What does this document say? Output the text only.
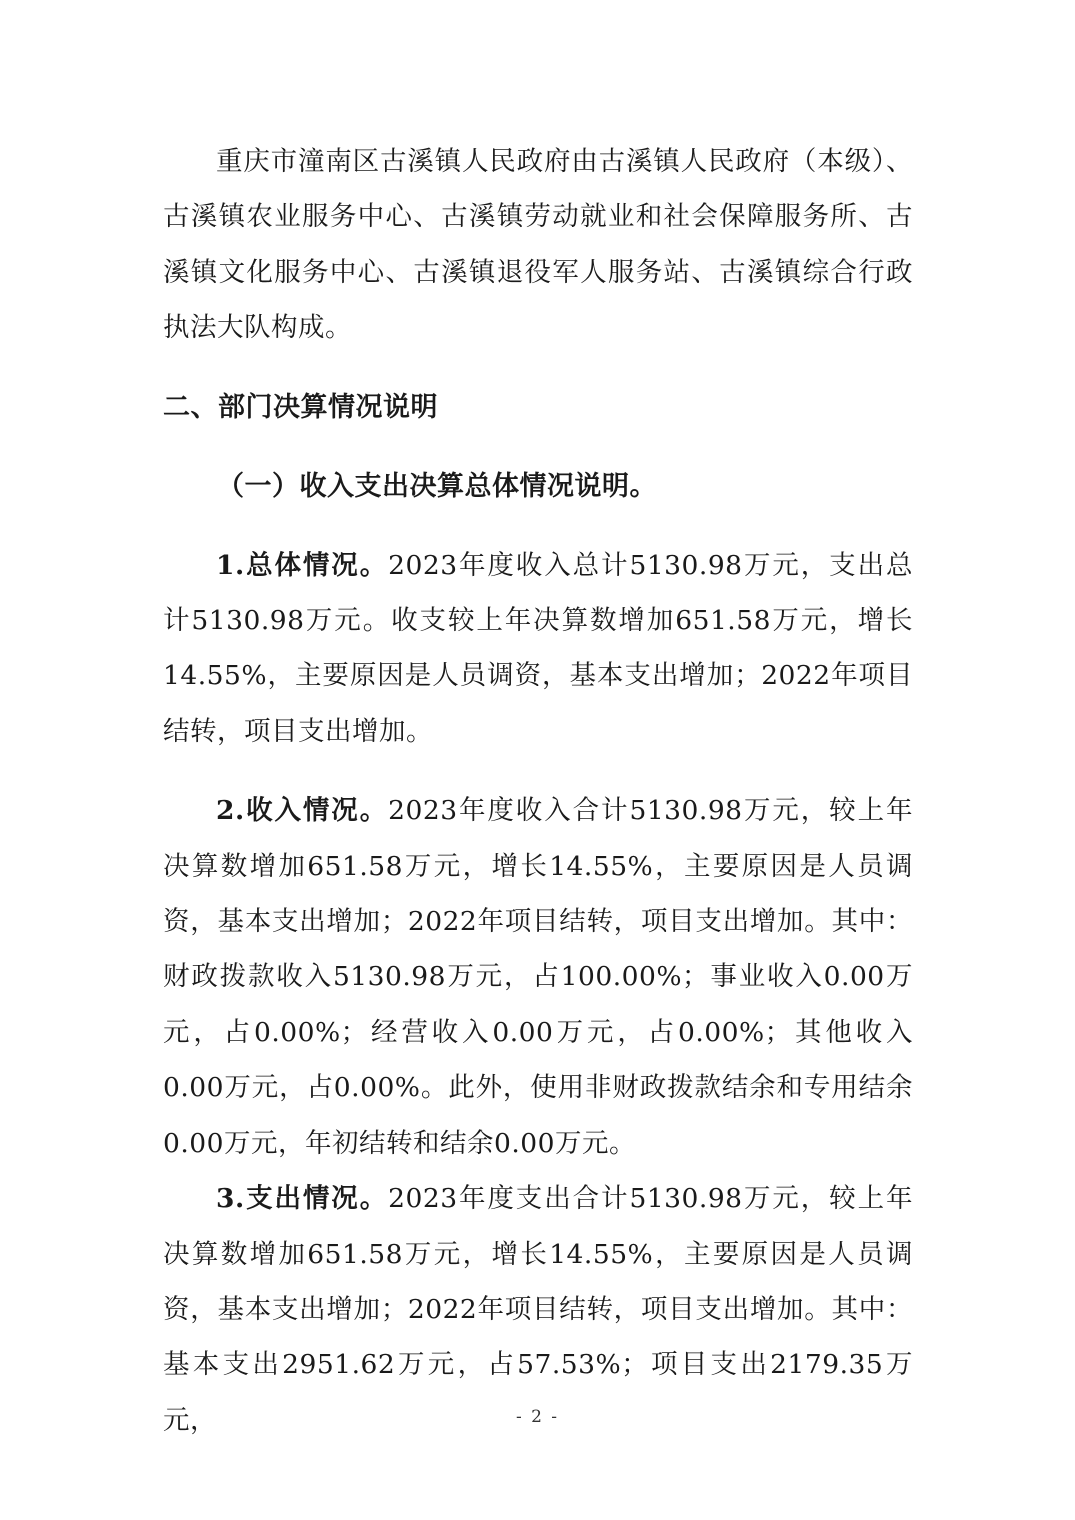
重庆市潼南区古溪镇人民政府由古溪镇人民政府（本级）、古溪镇农业服务中心、古溪镇劳动就业和社会保障服务所、古溪镇文化服务中心、古溪镇退役军人服务站、古溪镇综合行政执法大队构成。

二、部门决算情况说明

（一）收入支出决算总体情况说明。

1.总体情况。2023年度收入总计5130.98万元，支出总计5130.98万元。收支较上年决算数增加651.58万元，增长14.55%，主要原因是人员调资，基本支出增加；2022年项目结转，项目支出增加。

2.收入情况。2023年度收入合计5130.98万元，较上年决算数增加651.58万元，增长14.55%，主要原因是人员调资，基本支出增加；2022年项目结转，项目支出增加。其中：财政拨款收入5130.98万元，占100.00%；事业收入0.00万元，占0.00%；经营收入0.00万元，占0.00%；其他收入0.00万元，占0.00%。此外，使用非财政拨款结余和专用结余0.00万元，年初结转和结余0.00万元。

3.支出情况。2023年度支出合计5130.98万元，较上年决算数增加651.58万元，增长14.55%，主要原因是人员调资，基本支出增加；2022年项目结转，项目支出增加。其中：基本支出2951.62万元，占57.53%；项目支出2179.35万元，	- 2 -
